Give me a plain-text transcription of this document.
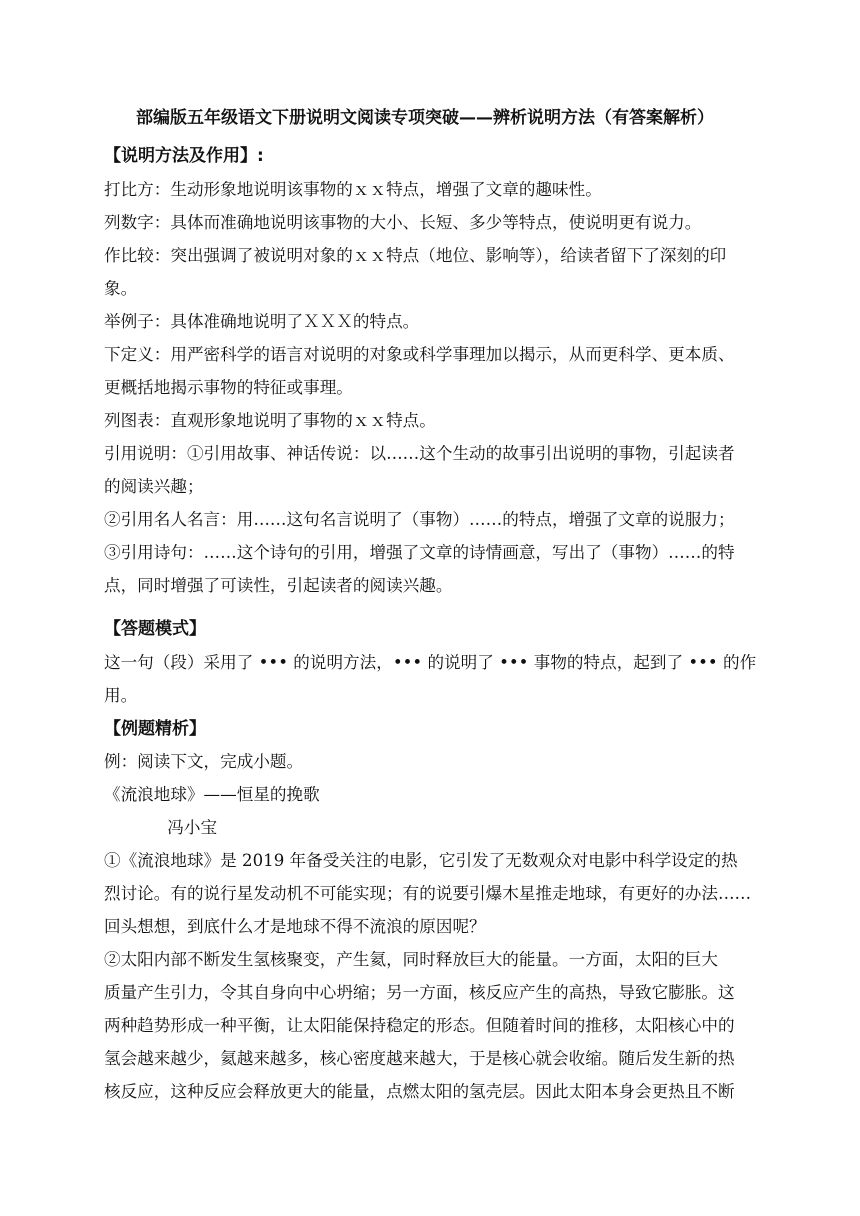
部编版五年级语文下册说明文阅读专项突破——辨析说明方法（有答案解析）
【说明方法及作用】:
打比方：生动形象地说明该事物的ｘｘ特点，增强了文章的趣味性。
列数字：具体而准确地说明该事物的大小、长短、多少等特点，使说明更有说力。
作比较：突出强调了被说明对象的ｘｘ特点（地位、影响等），给读者留下了深刻的印
象。
举例子：具体准确地说明了ＸＸＸ的特点。
下定义：用严密科学的语言对说明的对象或科学事理加以揭示，从而更科学、更本质、
更概括地揭示事物的特征或事理。
列图表：直观形象地说明了事物的ｘｘ特点。
引用说明：①引用故事、神话传说：以……这个生动的故事引出说明的事物，引起读者
的阅读兴趣；
②引用名人名言：用……这句名言说明了（事物）……的特点，增强了文章的说服力；
③引用诗句：……这个诗句的引用，增强了文章的诗情画意，写出了（事物）……的特
点，同时增强了可读性，引起读者的阅读兴趣。
【答题模式】
这一句（段）采用了 ••• 的说明方法，••• 的说明了 ••• 事物的特点，起到了 ••• 的作
用。
【例题精析】
例：阅读下文，完成小题。
《流浪地球》——恒星的挽歌
冯小宝
①《流浪地球》是 2019 年备受关注的电影，它引发了无数观众对电影中科学设定的热
烈讨论。有的说行星发动机不可能实现；有的说要引爆木星推走地球，有更好的办法……
回头想想，到底什么才是地球不得不流浪的原因呢？
②太阳内部不断发生氢核聚变，产生氦，同时释放巨大的能量。一方面，太阳的巨大
质量产生引力，令其自身向中心坍缩；另一方面，核反应产生的高热，导致它膨胀。这
两种趋势形成一种平衡，让太阳能保持稳定的形态。但随着时间的推移，太阳核心中的
氢会越来越少，氦越来越多，核心密度越来越大，于是核心就会收缩。随后发生新的热
核反应，这种反应会释放更大的能量，点燃太阳的氢壳层。因此太阳本身会更热且不断
